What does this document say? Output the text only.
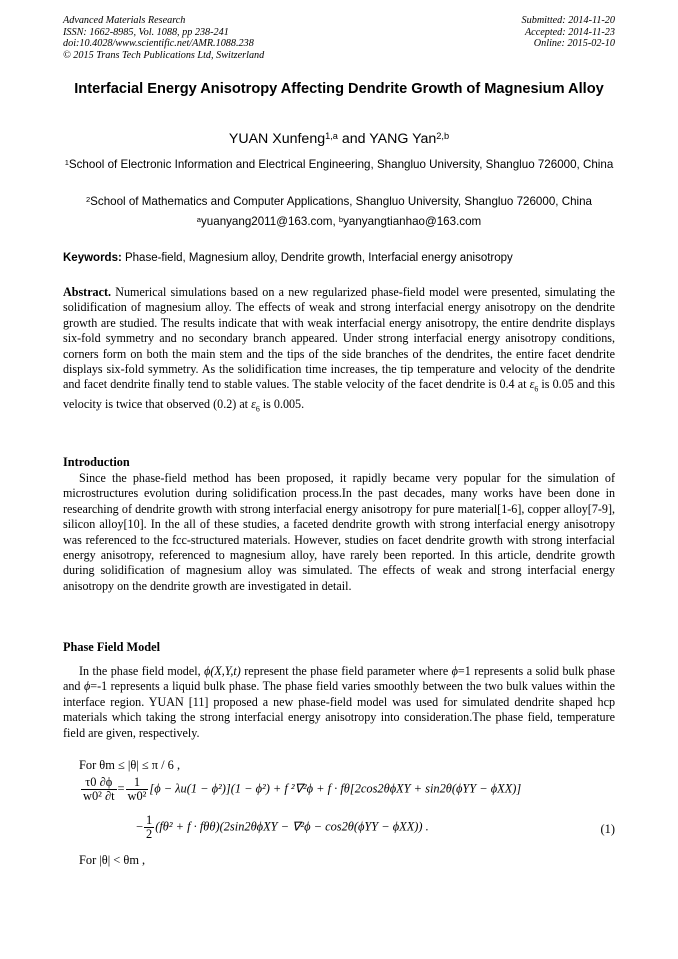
Advanced Materials Research
ISSN: 1662-8985, Vol. 1088, pp 238-241
doi:10.4028/www.scientific.net/AMR.1088.238
© 2015 Trans Tech Publications Ltd, Switzerland
Submitted: 2014-11-20
Accepted: 2014-11-23
Online: 2015-02-10
Interfacial Energy Anisotropy Affecting Dendrite Growth of Magnesium Alloy
YUAN Xunfeng$^{1,a}$ and YANG Yan$^{2,b}$
$^1$School of Electronic Information and Electrical Engineering, Shangluo University, Shangluo 726000, China
$^2$School of Mathematics and Computer Applications, Shangluo University, Shangluo 726000, China
$^a$yuanyang2011@163.com, $^b$yanyangtianhao@163.com
Keywords: Phase-field, Magnesium alloy, Dendrite growth, Interfacial energy anisotropy
Abstract. Numerical simulations based on a new regularized phase-field model were presented, simulating the solidification of magnesium alloy. The effects of weak and strong interfacial energy anisotropy on the dendrite growth are studied. The results indicate that with weak interfacial energy anisotropy, the entire dendrite displays six-fold symmetry and no secondary branch appeared. Under strong interfacial energy anisotropy conditions, corners form on both the main stem and the tips of the side branches of the dendrites, the entire facet dendrite displays six-fold symmetry. As the solidification time increases, the tip temperature and velocity of the dendrite and facet dendrite finally tend to stable values. The stable velocity of the facet dendrite is 0.4 at $\varepsilon_6$ is 0.05 and this velocity is twice that observed (0.2) at $\varepsilon_6$ is 0.005.
Introduction
Since the phase-field method has been proposed, it rapidly became very popular for the simulation of microstructures evolution during solidification process.In the past decades, many works have been done in researching of dendrite growth with strong interfacial energy anisotropy for pure material[1-6], copper alloy[7-9], silicon alloy[10]. In the all of these studies, a faceted dendrite growth with strong interfacial energy anisotropy was referenced to the fcc-structured materials. However, studies on facet dendrite growth with strong interfacial energy anisotropy, referenced to magnesium alloy, have rarely been reported. In this article, dendrite growth during solidification of magnesium alloy was simulated. The effects of weak and strong interfacial energy anisotropy on the dendrite growth are investigated in detail.
Phase Field Model
In the phase field model, ϕ(X,Y,t) represent the phase field parameter where ϕ=1 represents a solid bulk phase and ϕ=-1 represents a liquid bulk phase. The phase field varies smoothly between the two bulk values within the interface region. YUAN [11] proposed a new phase-field model was used for simulated dendrite shaped hcp materials which taking the strong interfacial energy anisotropy into consideration.The phase field, temperature field are given, respectively.
For θm ≤ |θ| ≤ π / 6 ,
$\frac{\tau 0 \partial\phi}{\text{w0² ∂t}} = \frac{1}{\text{w0²}} [\phi - \lambda u(1 - \phi^2)](1 - \phi^2) + f$ ²∇²ϕ + f · fθ[2cos2θϕXY + sin2θ(ϕYY − ϕXX)]
− $\frac{1}{2} (f\theta^2 + f \cdot f\theta\theta)(2\sin 2\theta\phi XY - \nabla^2\phi - \cos 2\theta(\phi YY - \phi XX))$ .	(1)
For |θ| < θm ,
